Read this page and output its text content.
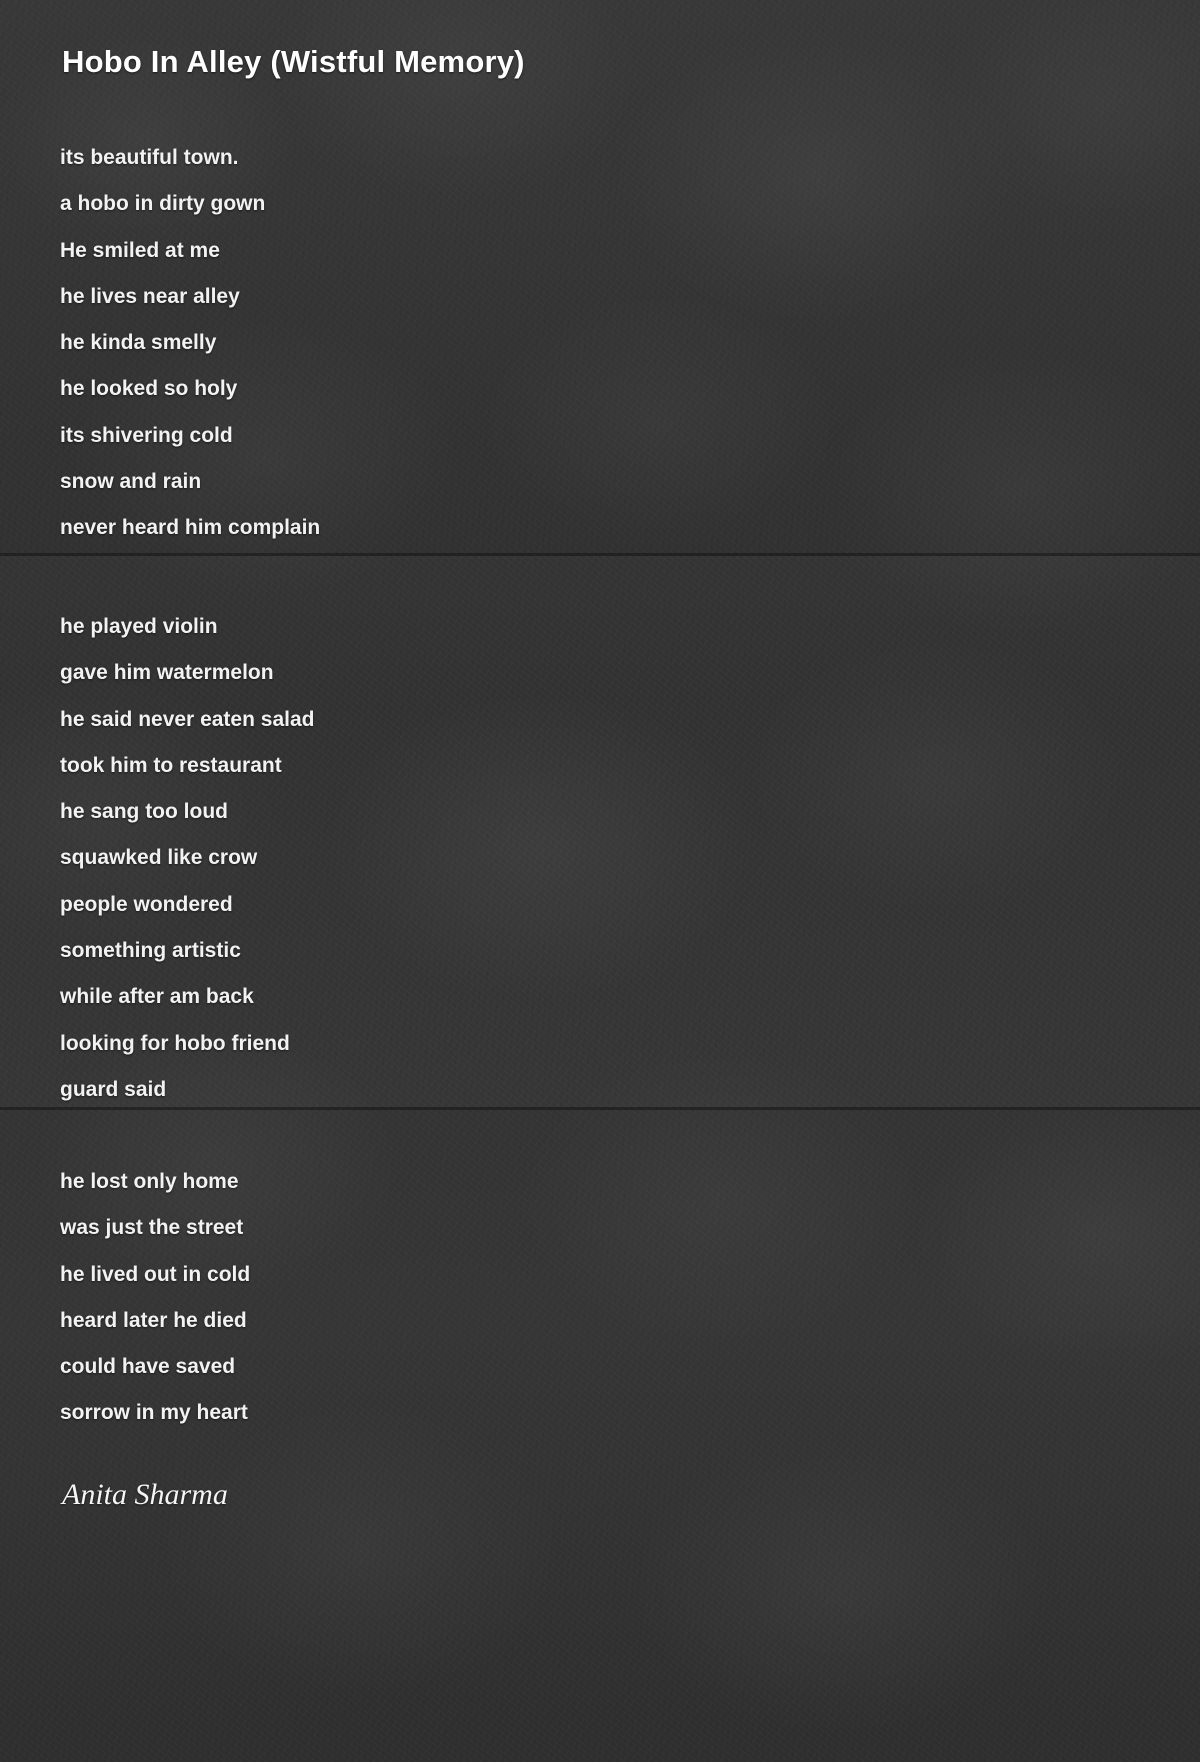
Hobo In Alley (Wistful Memory)
its beautiful town.
a hobo in dirty gown
He smiled at me
he lives near alley
he kinda smelly
he looked so holy
its shivering cold
snow and rain
never heard him complain
he played violin
gave him watermelon
he said never eaten salad
took him to restaurant
he sang too loud
squawked like crow
people wondered
something artistic
while after am back
looking for hobo friend
guard said
he lost only home
was just the street
he lived out in cold
heard later he died
could have saved
sorrow in my heart
Anita Sharma
